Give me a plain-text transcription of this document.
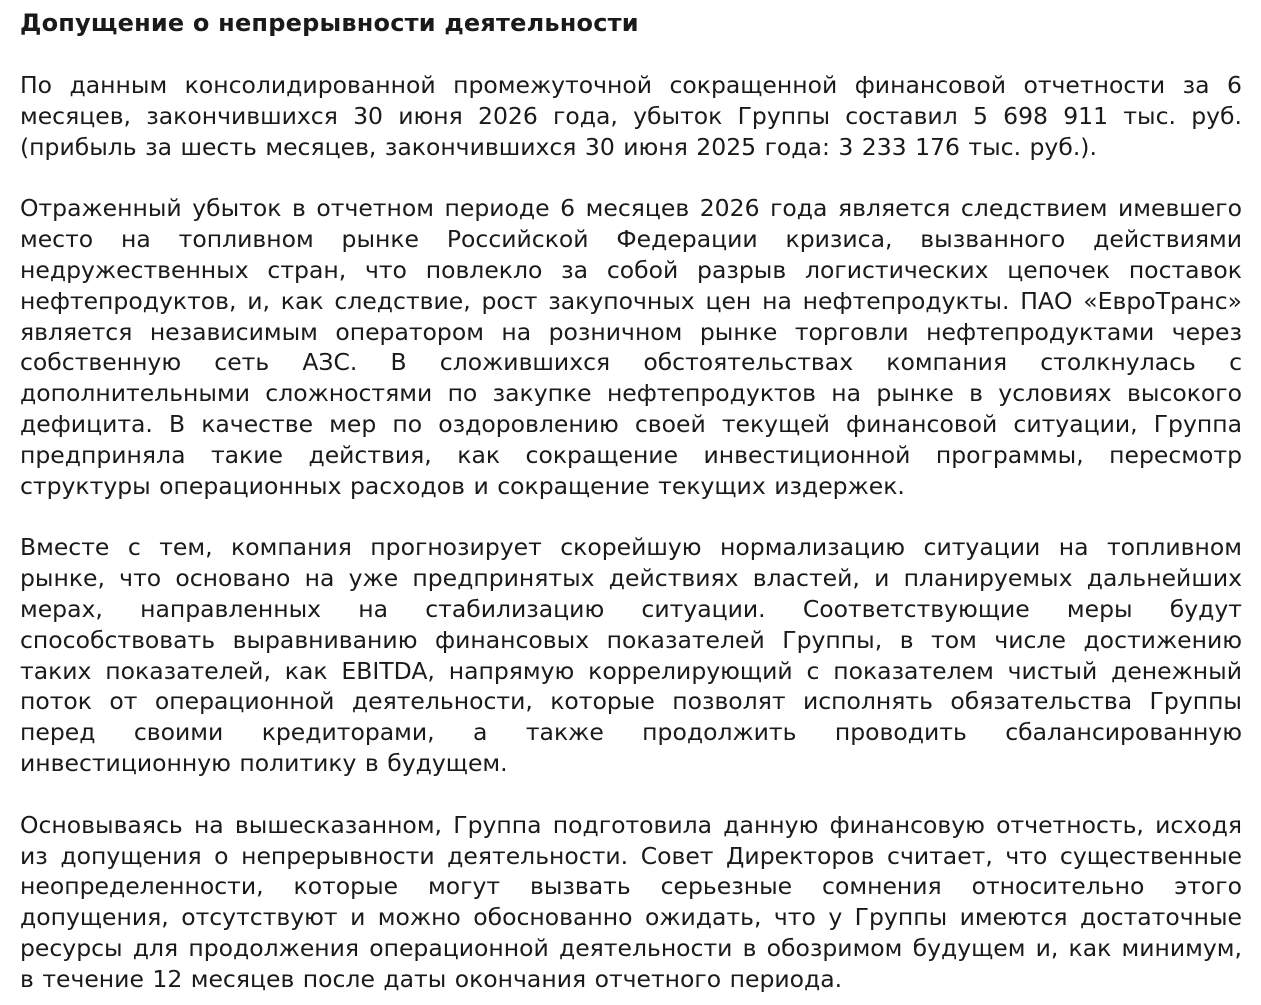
Допущение о непрерывности деятельности

По данным консолидированной промежуточной сокращенной финансовой отчетности за 6 месяцев, закончившихся 30 июня 2026 года, убыток Группы составил 5 698 911 тыс. руб. (прибыль за шесть месяцев, закончившихся 30 июня 2025 года: 3 233 176 тыс. руб.).

Отраженный убыток в отчетном периоде 6 месяцев 2026 года является следствием имевшего место на топливном рынке Российской Федерации кризиса, вызванного действиями недружественных стран, что повлекло за собой разрыв логистических цепочек поставок нефтепродуктов, и, как следствие, рост закупочных цен на нефтепродукты. ПАО «ЕвроТранс» является независимым оператором на розничном рынке торговли нефтепродуктами через собственную сеть АЗС. В сложившихся обстоятельствах компания столкнулась с дополнительными сложностями по закупке нефтепродуктов на рынке в условиях высокого дефицита. В качестве мер по оздоровлению своей текущей финансовой ситуации, Группа предприняла такие действия, как сокращение инвестиционной программы, пересмотр структуры операционных расходов и сокращение текущих издержек.

Вместе с тем, компания прогнозирует скорейшую нормализацию ситуации на топливном рынке, что основано на уже предпринятых действиях властей, и планируемых дальнейших мерах, направленных на стабилизацию ситуации. Соответствующие меры будут способствовать выравниванию финансовых показателей Группы, в том числе достижению таких показателей, как EBITDA, напрямую коррелирующий с показателем чистый денежный поток от операционной деятельности, которые позволят исполнять обязательства Группы перед своими кредиторами, а также продолжить проводить сбалансированную инвестиционную политику в будущем.

Основываясь на вышесказанном, Группа подготовила данную финансовую отчетность, исходя из допущения о непрерывности деятельности. Совет Директоров считает, что существенные неопределенности, которые могут вызвать серьезные сомнения относительно этого допущения, отсутствуют и можно обоснованно ожидать, что у Группы имеются достаточные ресурсы для продолжения операционной деятельности в обозримом будущем и, как минимум, в течение 12 месяцев после даты окончания отчетного периода.
